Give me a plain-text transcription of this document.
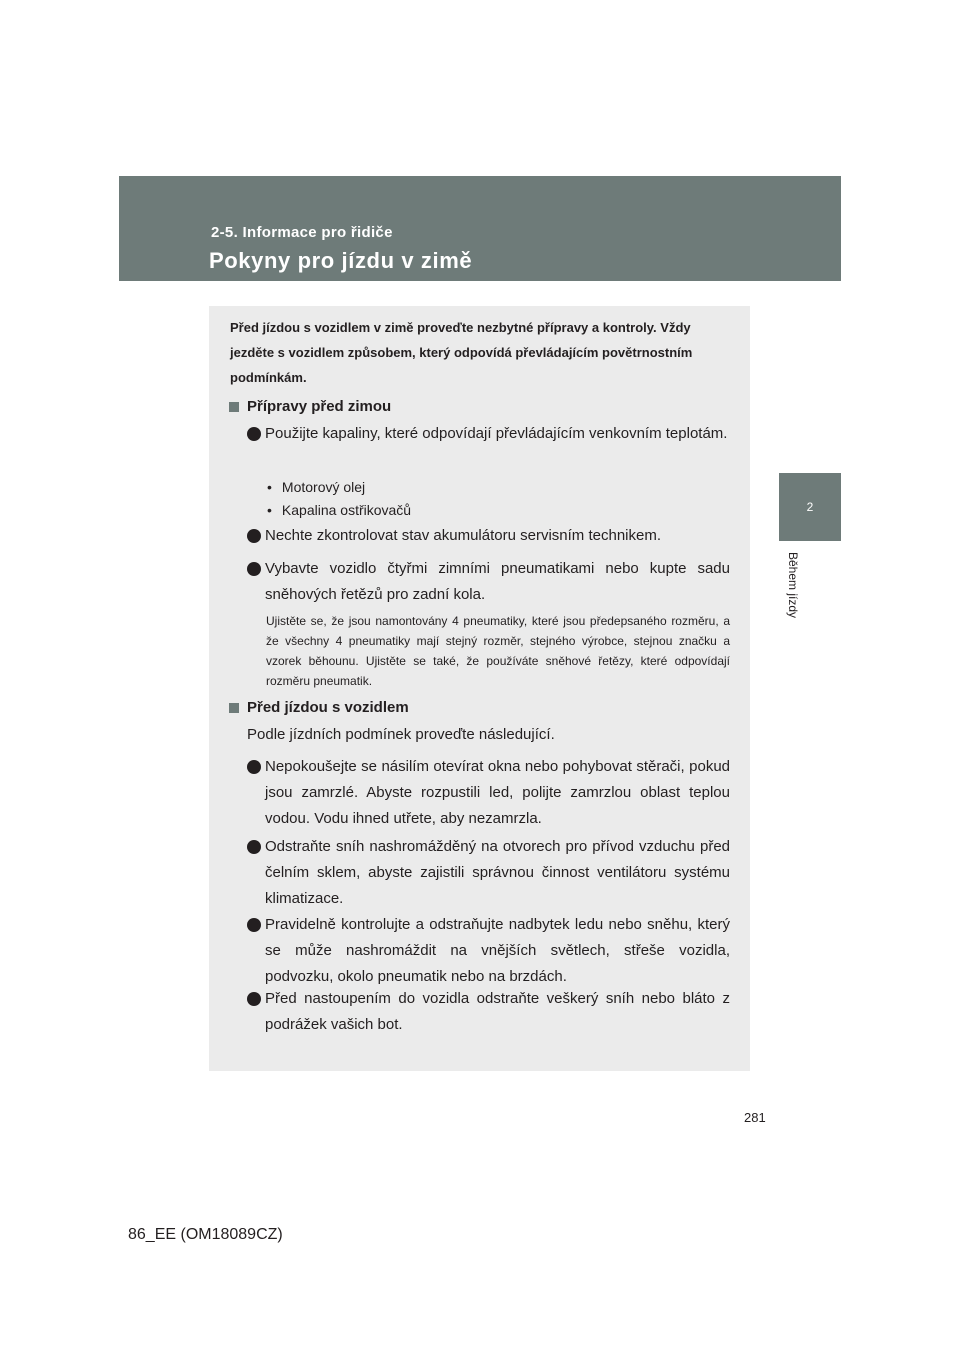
2-5. Informace pro řidiče
Pokyny pro jízdu v zimě
2
Během jízdy
Před jízdou s vozidlem v zimě proveďte nezbytné přípravy a kontroly. Vždy jezděte s vozidlem způsobem, který odpovídá převládajícím povětrnostním podmínkám.
Přípravy před zimou
Použijte kapaliny, které odpovídají převládajícím venkovním teplotám.
• Motorový olej
• Kapalina ostřikovačů
Nechte zkontrolovat stav akumulátoru servisním technikem.
Vybavte vozidlo čtyřmi zimními pneumatikami nebo kupte sadu sněhových řetězů pro zadní kola.
Ujistěte se, že jsou namontovány 4 pneumatiky, které jsou předepsaného rozměru, a že všechny 4 pneumatiky mají stejný rozměr, stejného výrobce, stejnou značku a vzorek běhounu. Ujistěte se také, že používáte sněhové řetězy, které odpovídají rozměru pneumatik.
Před jízdou s vozidlem
Podle jízdních podmínek proveďte následující.
Nepokoušejte se násilím otevírat okna nebo pohybovat stěrači, pokud jsou zamrzlé. Abyste rozpustili led, polijte zamrzlou oblast teplou vodou. Vodu ihned utřete, aby nezamrzla.
Odstraňte sníh nashromážděný na otvorech pro přívod vzduchu před čelním sklem, abyste zajistili správnou činnost ventilátoru systému klimatizace.
Pravidelně kontrolujte a odstraňujte nadbytek ledu nebo sněhu, který se může nashromáždit na vnějších světlech, střeše vozidla, podvozku, okolo pneumatik nebo na brzdách.
Před nastoupením do vozidla odstraňte veškerý sníh nebo bláto z podrážek vašich bot.
281
86_EE (OM18089CZ)
